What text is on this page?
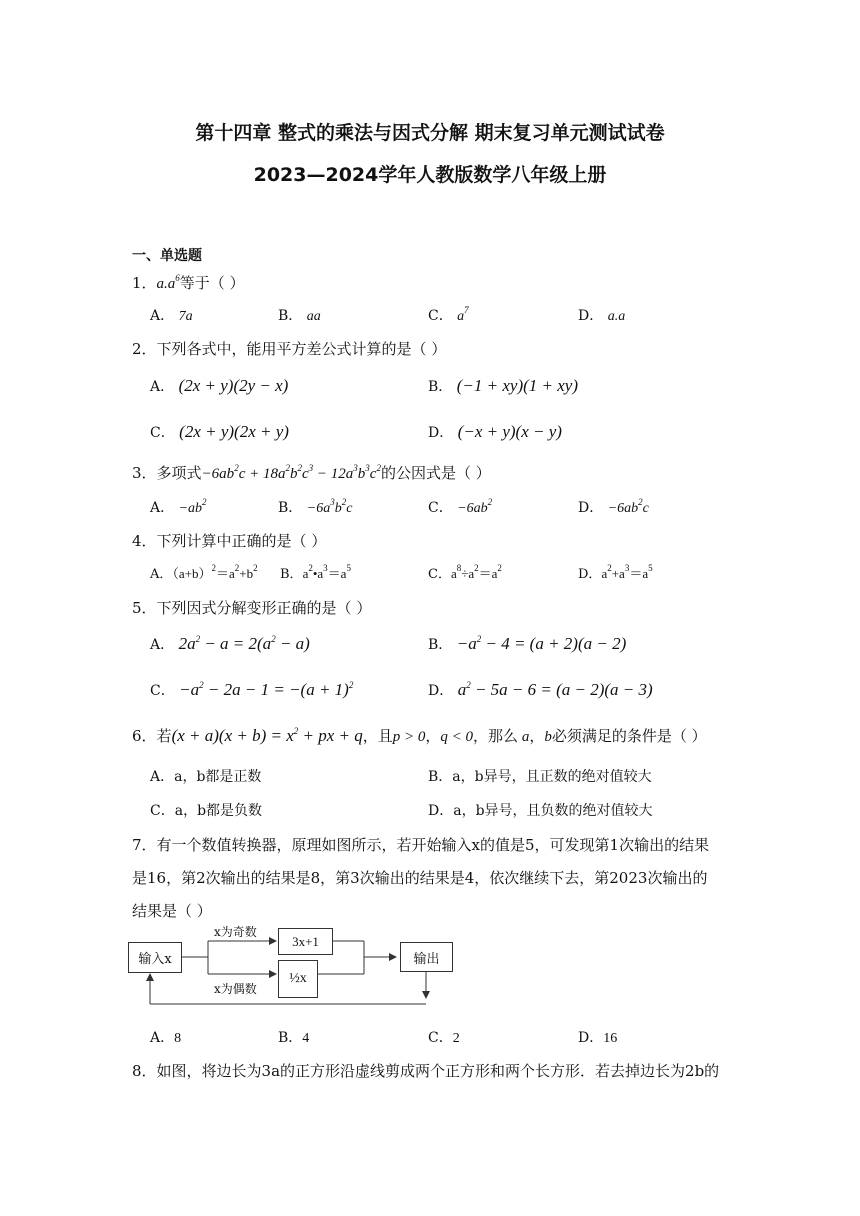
第十四章 整式的乘法与因式分解 期末复习单元测试试卷
2023—2024学年人教版数学八年级上册
一、单选题
1．$a.a^6$等于（ ）
A． 7a	B． aa	C． $a^7$	D． a.a
2．下列各式中，能用平方差公式计算的是（ ）
A． (2x + y)(2y − x)	B． (−1 + xy)(1 + xy)
C． (2x + y)(2x + y)	D． (−x + y)(x − y)
3．多项式$-6ab^2c + 18a^2b^2c^3 - 12a^3b^3c^2$的公因式是（ ）
A． $-ab^2$	B． $-6a^3b^2c$	C． $-6ab^2$	D． $-6ab^2c$
4．下列计算中正确的是（ ）
A．$(a+b)^2=a^2+b^2$ B．$a^2•a^3=a^5$	C．$a^8\div a^2=a^2$	D．$a^2+a^3=a^5$
5．下列因式分解变形正确的是（ ）
A． $2a^2 - a = 2(a^2 - a)$	B． $-a^2 - 4 = (a + 2)(a - 2)$
C． $-a^2 - 2a - 1 = -(a + 1)^2$	D． $a^2 - 5a - 6 = (a - 2)(a - 3)$
6．若$(x + a)(x + b) = x^2$ + px + q，且p > 0，q < 0，那么 a，b必须满足的条件是（ ）
A．a，b都是正数	B．a，b异号，且正数的绝对值较大
C．a，b都是负数	D．a，b异号，且负数的绝对值较大
7．有一个数值转换器，原理如图所示，若开始输入x的值是5，可发现第1次输出的结果
是16，第2次输出的结果是8，第3次输出的结果是4，依次继续下去，第2023次输出的
结果是（ ）
输入x
x为奇数
x为偶数
3x+1
½x
输出
A．8	B．4	C．2	D．16
8．如图，将边长为3a的正方形沿虚线剪成两个正方形和两个长方形．若去掉边长为2b的
